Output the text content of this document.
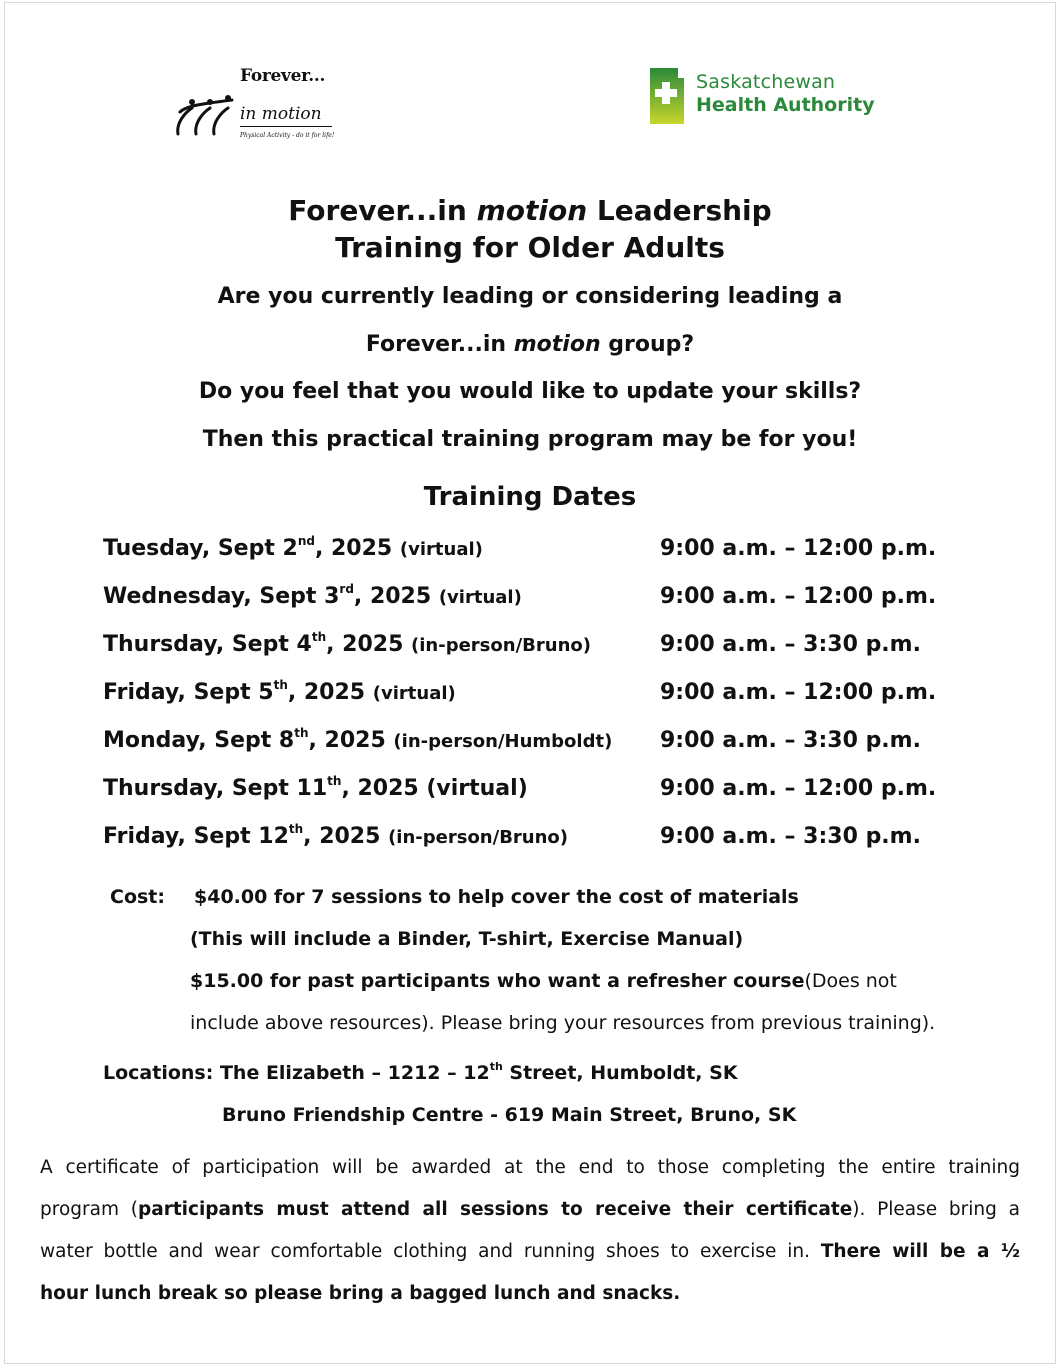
Forever...
in motion
Physical Activity - do it for life!
Saskatchewan
Health Authority
Forever...in motion Leadership
Training for Older Adults
Are you currently leading or considering leading a
Forever...in motion group?
Do you feel that you would like to update your skills?
Then this practical training program may be for you!
Training Dates
Tuesday, Sept 2nd, 2025 (virtual)	9:00 a.m. – 12:00 p.m.
Wednesday, Sept 3rd, 2025 (virtual)	9:00 a.m. – 12:00 p.m.
Thursday, Sept 4th, 2025 (in-person/Bruno)	9:00 a.m. – 3:30 p.m.
Friday, Sept 5th, 2025 (virtual)	9:00 a.m. – 12:00 p.m.
Monday, Sept 8th, 2025 (in-person/Humboldt) 9:00 a.m. – 3:30 p.m.
Thursday, Sept 11th, 2025 (virtual)	9:00 a.m. – 12:00 p.m.
Friday, Sept 12th, 2025 (in-person/Bruno)	9:00 a.m. – 3:30 p.m.
Cost: $40.00 for 7 sessions to help cover the cost of materials
(This will include a Binder, T-shirt, Exercise Manual)
$15.00 for past participants who want a refresher course(Does not
include above resources). Please bring your resources from previous training).
Locations: The Elizabeth – 1212 – 12th Street, Humboldt, SK
Bruno Friendship Centre - 619 Main Street, Bruno, SK
A certificate of participation will be awarded at the end to those completing the entire training
program (participants must attend all sessions to receive their certificate). Please bring a
water bottle and wear comfortable clothing and running shoes to exercise in. There will be a ½
hour lunch break so please bring a bagged lunch and snacks.
